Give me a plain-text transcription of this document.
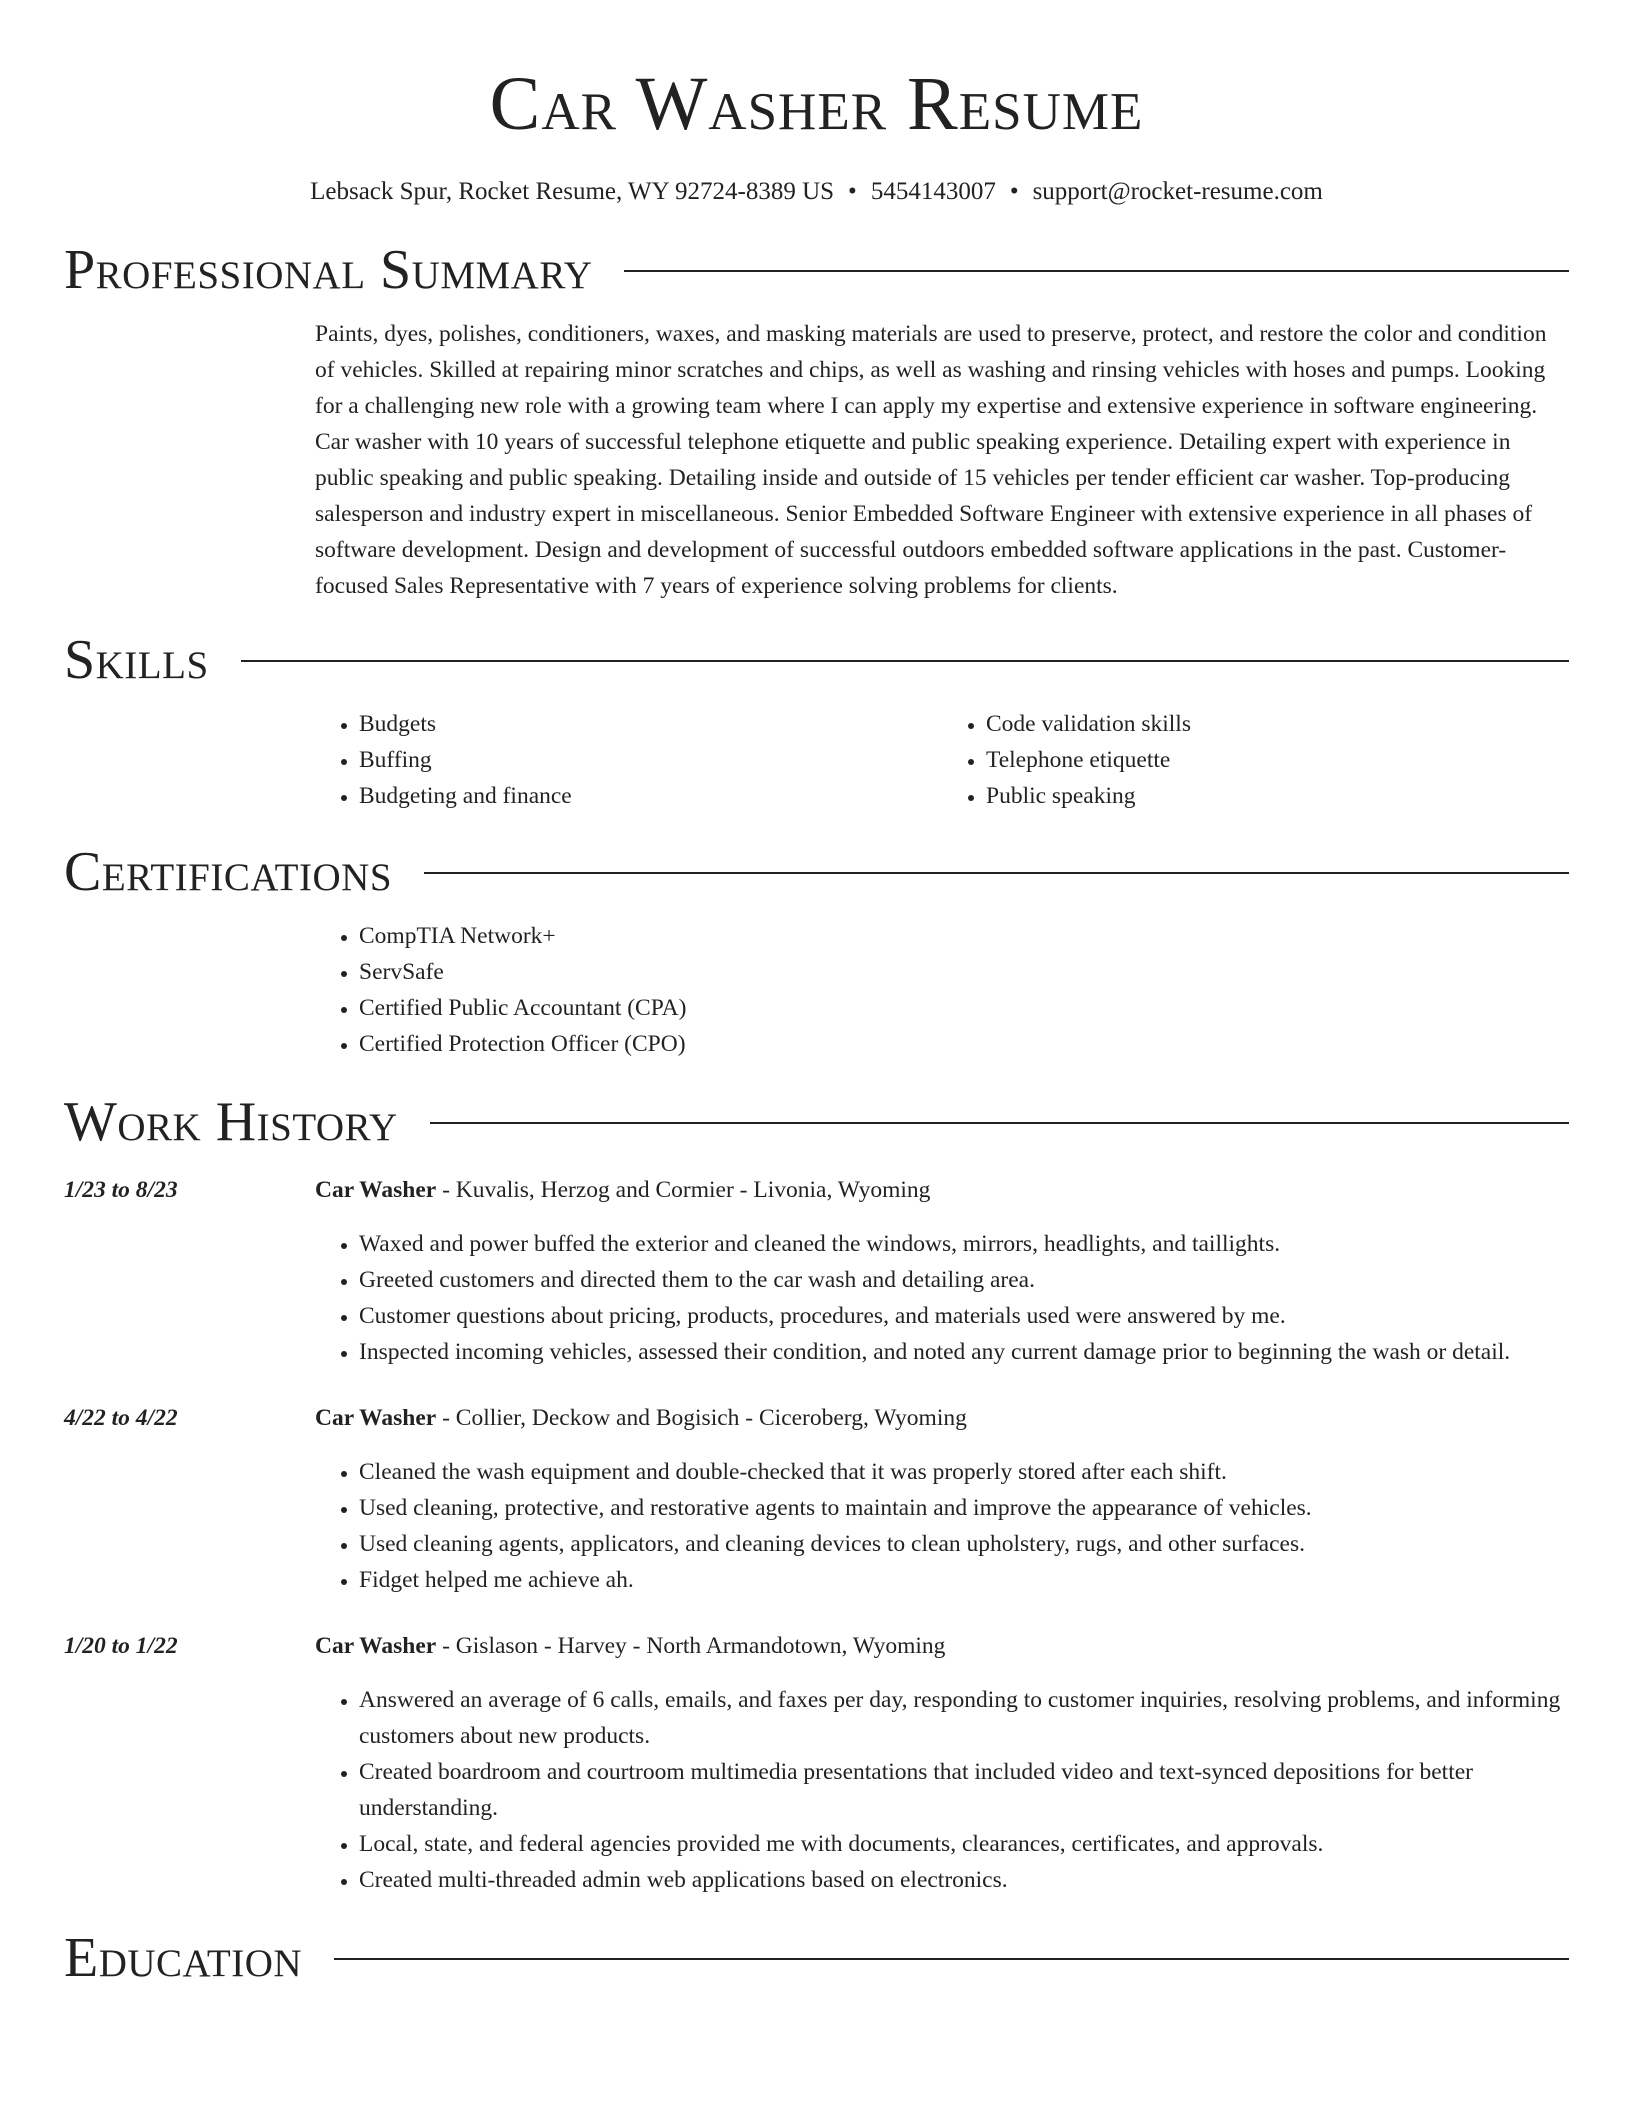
Car Washer Resume
Lebsack Spur, Rocket Resume, WY 92724-8389 US • 5454143007 • support@rocket-resume.com
Professional Summary
Paints, dyes, polishes, conditioners, waxes, and masking materials are used to preserve, protect, and restore the color and condition of vehicles. Skilled at repairing minor scratches and chips, as well as washing and rinsing vehicles with hoses and pumps. Looking for a challenging new role with a growing team where I can apply my expertise and extensive experience in software engineering. Car washer with 10 years of successful telephone etiquette and public speaking experience. Detailing expert with experience in public speaking and public speaking. Detailing inside and outside of 15 vehicles per tender efficient car washer. Top-producing salesperson and industry expert in miscellaneous. Senior Embedded Software Engineer with extensive experience in all phases of software development. Design and development of successful outdoors embedded software applications in the past. Customer-focused Sales Representative with 7 years of experience solving problems for clients.
Skills
• Budgets
• Buffing
• Budgeting and finance
• Code validation skills
• Telephone etiquette
• Public speaking
Certifications
• CompTIA Network+
• ServSafe
• Certified Public Accountant (CPA)
• Certified Protection Officer (CPO)
Work History
1/23 to 8/23	Car Washer - Kuvalis, Herzog and Cormier - Livonia, Wyoming
• Waxed and power buffed the exterior and cleaned the windows, mirrors, headlights, and taillights.
• Greeted customers and directed them to the car wash and detailing area.
• Customer questions about pricing, products, procedures, and materials used were answered by me.
• Inspected incoming vehicles, assessed their condition, and noted any current damage prior to beginning the wash or detail.
4/22 to 4/22	Car Washer - Collier, Deckow and Bogisich - Ciceroberg, Wyoming
• Cleaned the wash equipment and double-checked that it was properly stored after each shift.
• Used cleaning, protective, and restorative agents to maintain and improve the appearance of vehicles.
• Used cleaning agents, applicators, and cleaning devices to clean upholstery, rugs, and other surfaces.
• Fidget helped me achieve ah.
1/20 to 1/22	Car Washer - Gislason - Harvey - North Armandotown, Wyoming
• Answered an average of 6 calls, emails, and faxes per day, responding to customer inquiries, resolving problems, and informing customers about new products.
• Created boardroom and courtroom multimedia presentations that included video and text-synced depositions for better understanding.
• Local, state, and federal agencies provided me with documents, clearances, certificates, and approvals.
• Created multi-threaded admin web applications based on electronics.
Education
